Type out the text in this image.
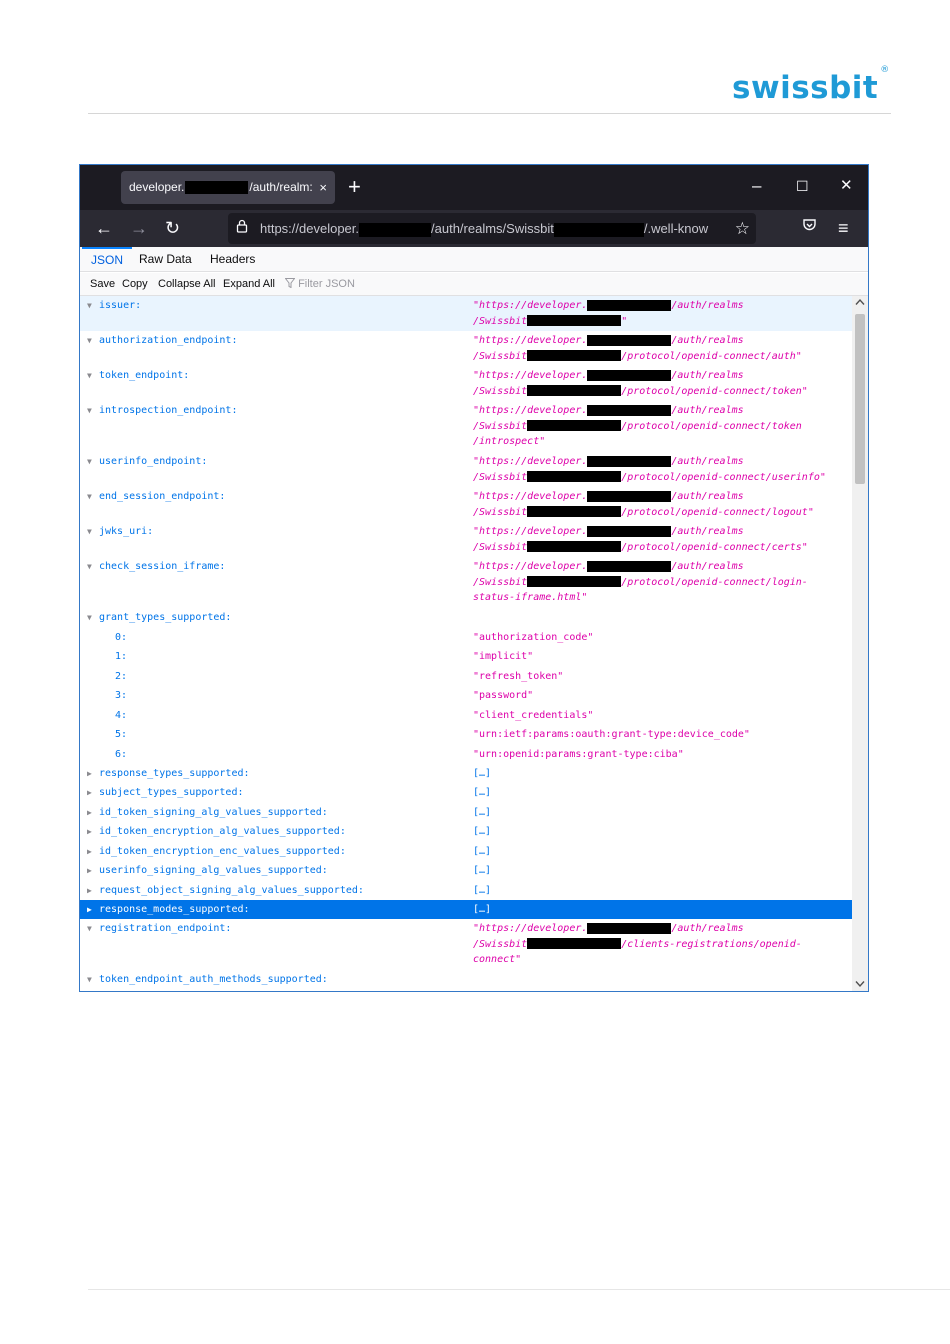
swissbit®
developer.	/auth/realm: × +	– ☐ ✕
← → ↻	https://developer.	/auth/realms/Swissbit	/.well-know ☆	≡
JSON	Raw Data	Headers
Save Copy Collapse All Expand All	Filter JSON
▼ issuer:	"https://developer.	/auth/realms
/Swissbit	"
▼ authorization_endpoint:	"https://developer.	/auth/realms
/Swissbit	/protocol/openid-connect/auth"
▼ token_endpoint:	"https://developer.	/auth/realms
/Swissbit	/protocol/openid-connect/token"
▼ introspection_endpoint:	"https://developer.	/auth/realms
/Swissbit	/protocol/openid-connect/token
/introspect"
▼ userinfo_endpoint:	"https://developer.	/auth/realms
/Swissbit	/protocol/openid-connect/userinfo"
▼ end_session_endpoint:	"https://developer.	/auth/realms
/Swissbit	/protocol/openid-connect/logout"
▼ jwks_uri:	"https://developer.	/auth/realms
/Swissbit	/protocol/openid-connect/certs"
▼ check_session_iframe:	"https://developer.	/auth/realms
/Swissbit	/protocol/openid-connect/login-
status-iframe.html"
▼ grant_types_supported:
0:	"authorization_code"
1:	"implicit"
2:	"refresh_token"
3:	"password"
4:	"client_credentials"
5:	"urn:ietf:params:oauth:grant-type:device_code"
6:	"urn:openid:params:grant-type:ciba"
▶ response_types_supported:	[…]
▶ subject_types_supported:	[…]
▶ id_token_signing_alg_values_supported:	[…]
▶ id_token_encryption_alg_values_supported:	[…]
▶ id_token_encryption_enc_values_supported:	[…]
▶ userinfo_signing_alg_values_supported:	[…]
▶ request_object_signing_alg_values_supported:	[…]
▶ response_modes_supported:	[…]
▼ registration_endpoint:	"https://developer.	/auth/realms
/Swissbit	/clients-registrations/openid-
connect"
▼ token_endpoint_auth_methods_supported:
